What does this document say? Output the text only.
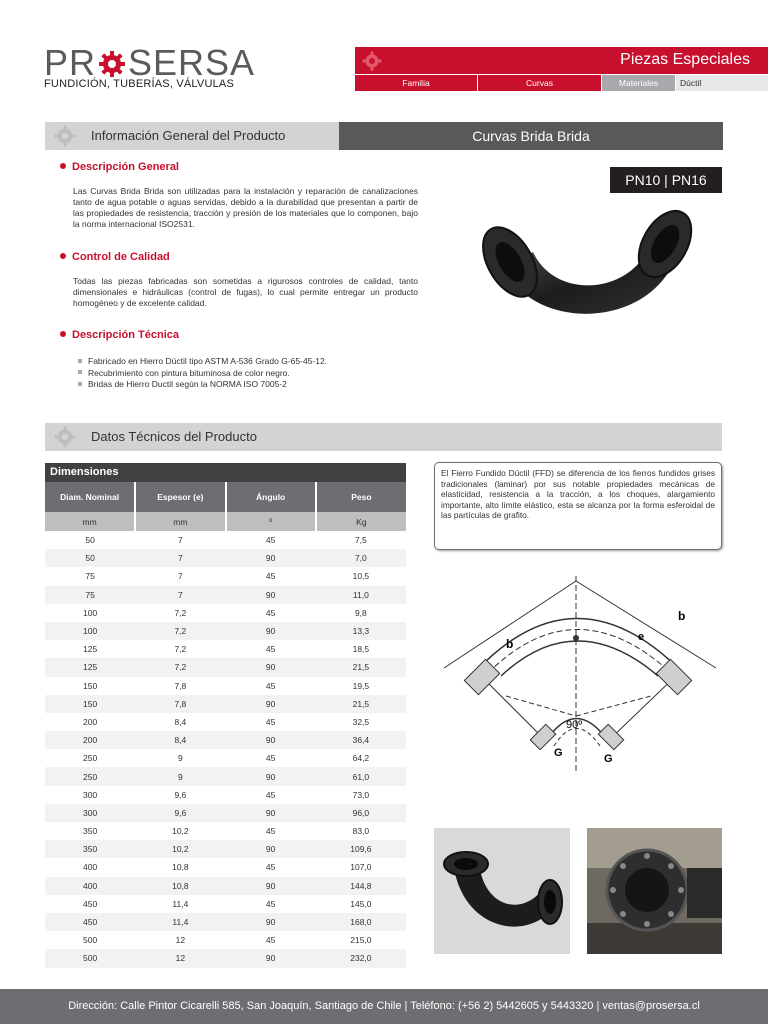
PR SERSA
FUNDICIÓN, TUBERÍAS, VÁLVULAS
Piezas Especiales
Familia	Curvas	Materiales	Dúctil
Información General del Producto	Curvas Brida Brida
Descripción General
Las Curvas Brida Brida son utilizadas para la instalación y reparación de canalizaciones tanto de agua potable o aguas servidas, debido a la durabilidad que presentan a partir de las propiedades de resistencia, tracción y presión de los materiales que lo componen, bajo la norma internacional ISO2531.
Control de Calidad
Todas las piezas fabricadas son sometidas a rigurosos controles de calidad, tanto dimensionales e hidráulicas (control de fugas), lo cual permite entregar un producto homogéneo y de excelente calidad.
Descripción Técnica
Fabricado en Hierro Dúctil tipo ASTM A-536 Grado G-65-45-12.
Recubrimiento con pintura bituminosa de color negro.
Bridas de Hierro Ductil según la NORMA ISO 7005-2
PN10 | PN16
Datos Técnicos del Producto
Dimensiones
Diam. Nominal	Espesor (e)	Ángulo	Peso
mm	mm	º	Kg
50	7	45	7,5
50	7	90	7,0
75	7	45	10,5
75	7	90	11,0
100	7,2	45	9,8
100	7,2	90	13,3
125	7,2	45	18,5
125	7,2	90	21,5
150	7,8	45	19,5
150	7,8	90	21,5
200	8,4	45	32,5
200	8,4	90	36,4
250	9	45	64,2
250	9	90	61,0
300	9,6	45	73,0
300	9,6	90	96,0
350	10,2	45	83,0
350	10,2	90	109,6
400	10,8	45	107,0
400	10,8	90	144,8
450	11,4	45	145,0
450	11,4	90	168,0
500	12	45	215,0
500	12	90	232,0
El Fierro Fundido Dúctil (FFD) se diferencia de los fierros fundidos grises tradicionales (laminar) por sus notable propiedades mecánicas de elasticidad, resistencia a la tracción, a los choques, alargamiento importante, alto límite elástico, esta se alcanza por la forma esferoidal de las partículas de grafito.
b
b
e
90º
G	G
Dirección: Calle Pintor Cicarelli 585, San Joaquín, Santiago de Chile | Teléfono: (+56 2) 5442605 y 5443320 | ventas@prosersa.cl
